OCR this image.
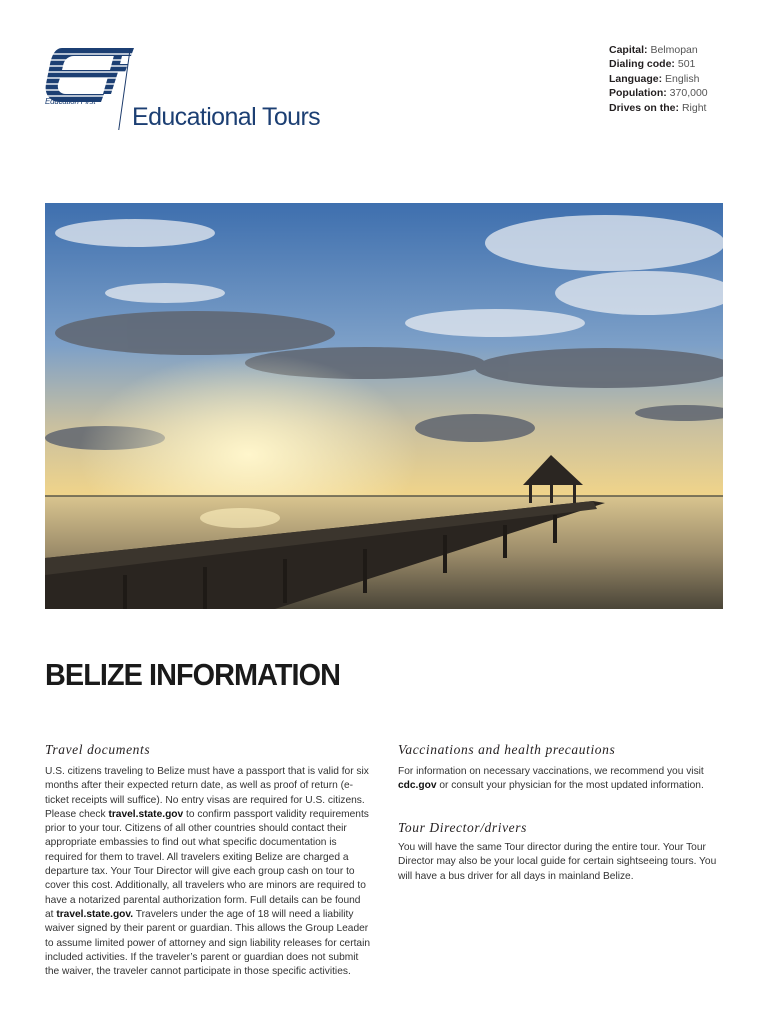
Education First
Educational Tours
Capital: Belmopan
Dialing code: 501
Language: English
Population: 370,000
Drives on the: Right
BELIZE INFORMATION
Travel documents
U.S. citizens traveling to Belize must have a passport that is valid for six months after their expected return date, as well as proof of return (e-ticket receipts will suffice). No entry visas are required for U.S. citizens. Please check travel.state.gov to confirm passport validity requirements prior to your tour. Citizens of all other countries should contact their appropriate embassies to find out what specific documentation is required for them to travel. All travelers exiting Belize are charged a departure tax. Your Tour Director will give each group cash on tour to cover this cost. Additionally, all travelers who are minors are required to have a notarized parental authorization form. Full details can be found at travel.state.gov. Travelers under the age of 18 will need a liability waiver signed by their parent or guardian. This allows the Group Leader to assume limited power of attorney and sign liability releases for certain included activities. If the traveler’s parent or guardian does not submit the waiver, the traveler cannot participate in those specific activities.
Vaccinations and health precautions
For information on necessary vaccinations, we recommend you visit cdc.gov or consult your physician for the most updated information.
Tour Director/drivers
You will have the same Tour director during the entire tour. Your Tour Director may also be your local guide for certain sightseeing tours. You will have a bus driver for all days in mainland Belize.
